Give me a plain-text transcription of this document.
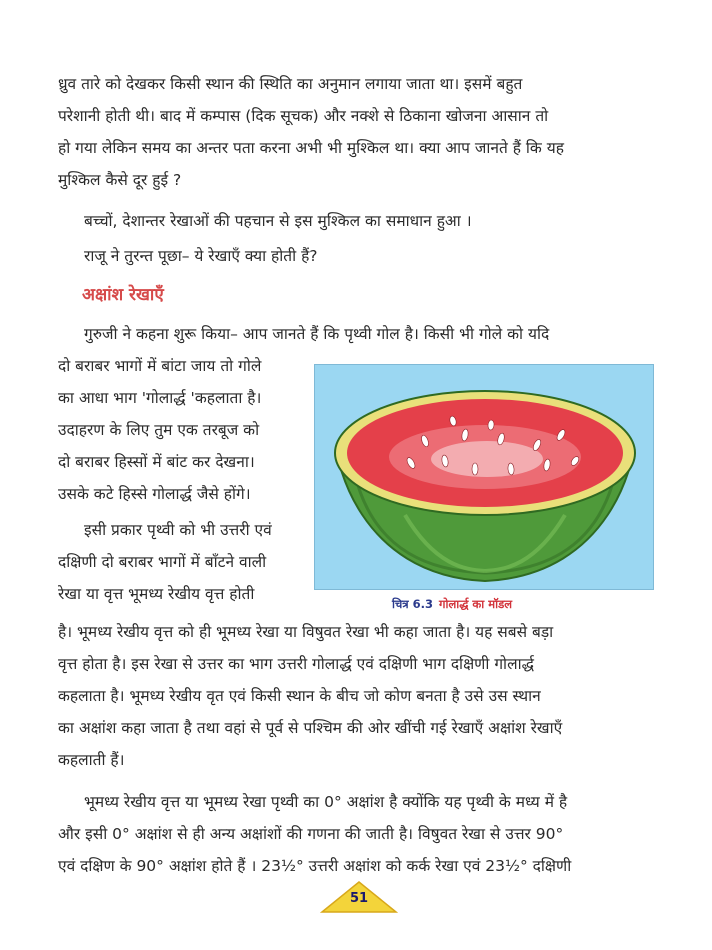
ध्रुव तारे को देखकर किसी स्थान की स्थिति का अनुमान लगाया जाता था। इसमें बहुत
परेशानी होती थी। बाद में कम्पास (दिक सूचक) और नक्शे से ठिकाना खोजना आसान तो
हो गया लेकिन समय का अन्तर पता करना अभी भी मुश्किल था। क्या आप जानते हैं कि यह
मुश्किल कैसे दूर हुई ?
बच्चों, देशान्तर रेखाओं की पहचान से इस मुश्किल का समाधान हुआ ।
राजू ने तुरन्त पूछा– ये रेखाएँ क्या होती हैं?
अक्षांश रेखाएँ
गुरुजी ने कहना शुरू किया– आप जानते हैं कि पृथ्वी गोल है। किसी भी गोले को यदि
दो बराबर भागों में बांटा जाय तो गोले
का आधा भाग 'गोलार्द्ध 'कहलाता है।
उदाहरण के लिए तुम एक तरबूज को
दो बराबर हिस्सों में बांट कर देखना।
उसके कटे हिस्से गोलार्द्ध जैसे होंगे।
इसी प्रकार पृथ्वी को भी उत्तरी एवं
दक्षिणी दो बराबर भागों में बाँटने वाली
रेखा या वृत्त भूमध्य रेखीय वृत्त होती
चित्र 6.3 गोलार्द्ध का मॉडल
है। भूमध्य रेखीय वृत्त को ही भूमध्य रेखा या विषुवत रेखा भी कहा जाता है। यह सबसे बड़ा
वृत्त होता है। इस रेखा से उत्तर का भाग उत्तरी गोलार्द्ध एवं दक्षिणी भाग दक्षिणी गोलार्द्ध
कहलाता है। भूमध्य रेखीय वृत एवं किसी स्थान के बीच जो कोण बनता है उसे उस स्थान
का अक्षांश कहा जाता है तथा वहां से पूर्व से पश्चिम की ओर खींची गई रेखाएँ अक्षांश रेखाएँ
कहलाती हैं।
भूमध्य रेखीय वृत्त या भूमध्य रेखा पृथ्वी का 0° अक्षांश है क्योंकि यह पृथ्वी के मध्य में है
और इसी 0° अक्षांश से ही अन्य अक्षांशों की गणना की जाती है। विषुवत रेखा से उत्तर 90°
एवं दक्षिण के 90° अक्षांश होते हैं । 23½° उत्तरी अक्षांश को कर्क रेखा एवं 23½° दक्षिणी
51
